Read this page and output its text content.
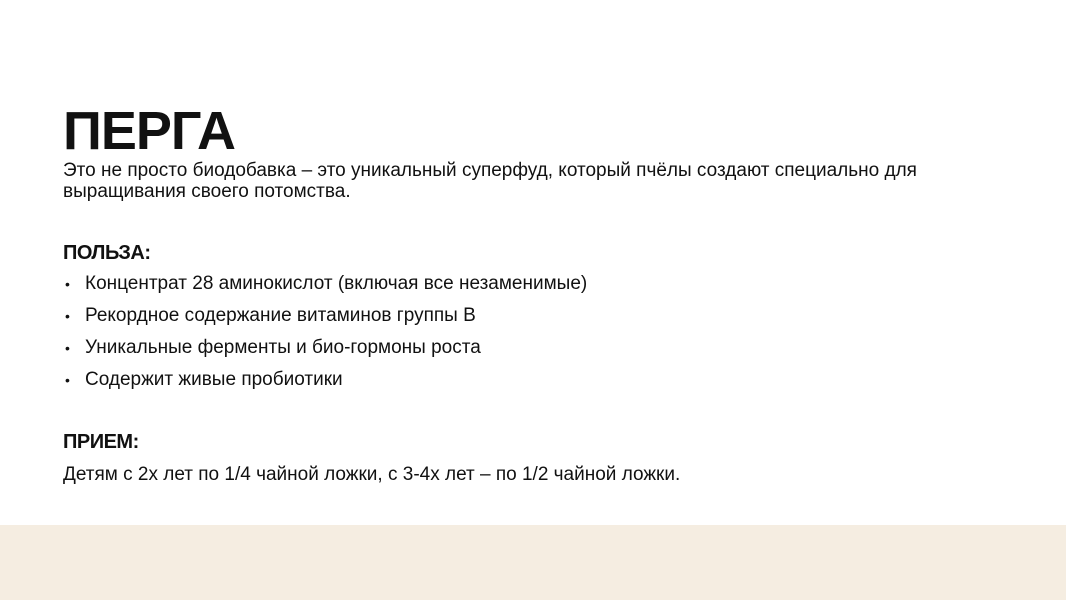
ПЕРГА

Это не просто биодобавка – это уникальный суперфуд, который пчёлы создают специально для выращивания своего потомства.

ПОЛЬЗА:
• Концентрат 28 аминокислот (включая все незаменимые)
• Рекордное содержание витаминов группы B
• Уникальные ферменты и био-гормоны роста
• Содержит живые пробиотики
ПРИЕМ:

Детям с 2х лет по 1/4 чайной ложки, с 3-4х лет – по 1/2 чайной ложки.
